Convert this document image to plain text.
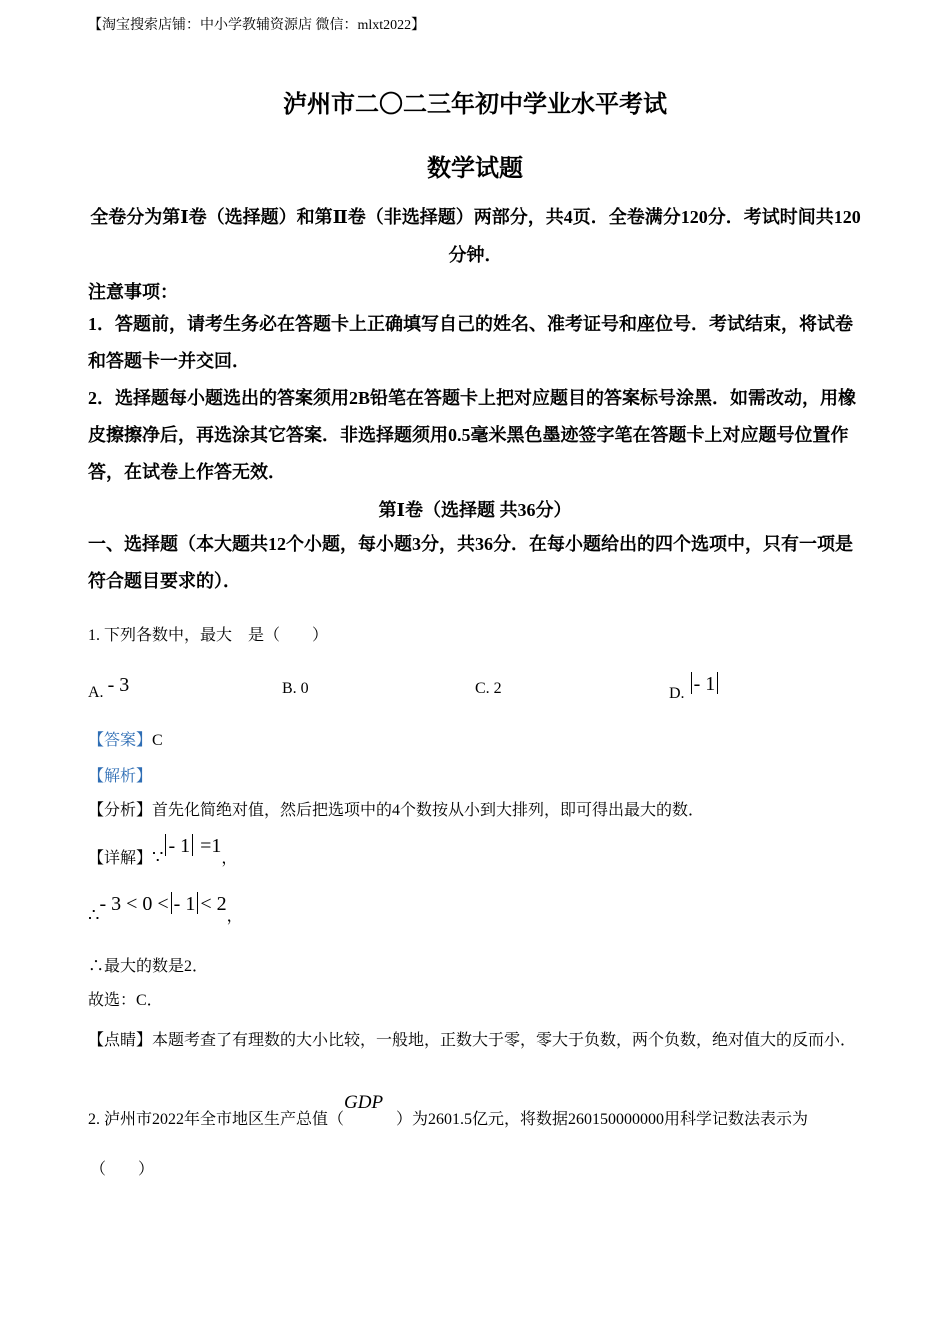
【淘宝搜索店铺：中小学教辅资源店 微信：mlxt2022】
泸州市二〇二三年初中学业水平考试
数学试题
全卷分为第Ⅰ卷（选择题）和第Ⅱ卷（非选择题）两部分，共4页．全卷满分120分．考试时间共120分钟．
注意事项：
1．答题前，请考生务必在答题卡上正确填写自己的姓名、准考证号和座位号．考试结束，将试卷和答题卡一并交回．
2．选择题每小题选出的答案须用2B铅笔在答题卡上把对应题目的答案标号涂黑．如需改动，用橡皮擦擦净后，再选涂其它答案．非选择题须用0.5毫米黑色墨迹签字笔在答题卡上对应题号位置作答，在试卷上作答无效．
第Ⅰ卷（选择题 共36分）
一、选择题（本大题共12个小题，每小题3分，共36分．在每小题给出的四个选项中，只有一项是符合题目要求的）．
1. 下列各数中，最大　是（　　）
A. - 3	B. 0	C. 2	D. - 1
【答案】C
【解析】
【分析】首先化简绝对值，然后把选项中的4个数按从小到大排列，即可得出最大的数．
【详解】∵ - 1 =1，
∴- 3 < 0 < - 1 < 2，
∴最大的数是2．
故选：C．
【点睛】本题考查了有理数的大小比较，一般地，正数大于零，零大于负数，两个负数，绝对值大的反而小．
2. 泸州市2022年全市地区生产总值（
GDP
）为2601.5亿元，将数据260150000000用科学记数法表示为
（　　）
